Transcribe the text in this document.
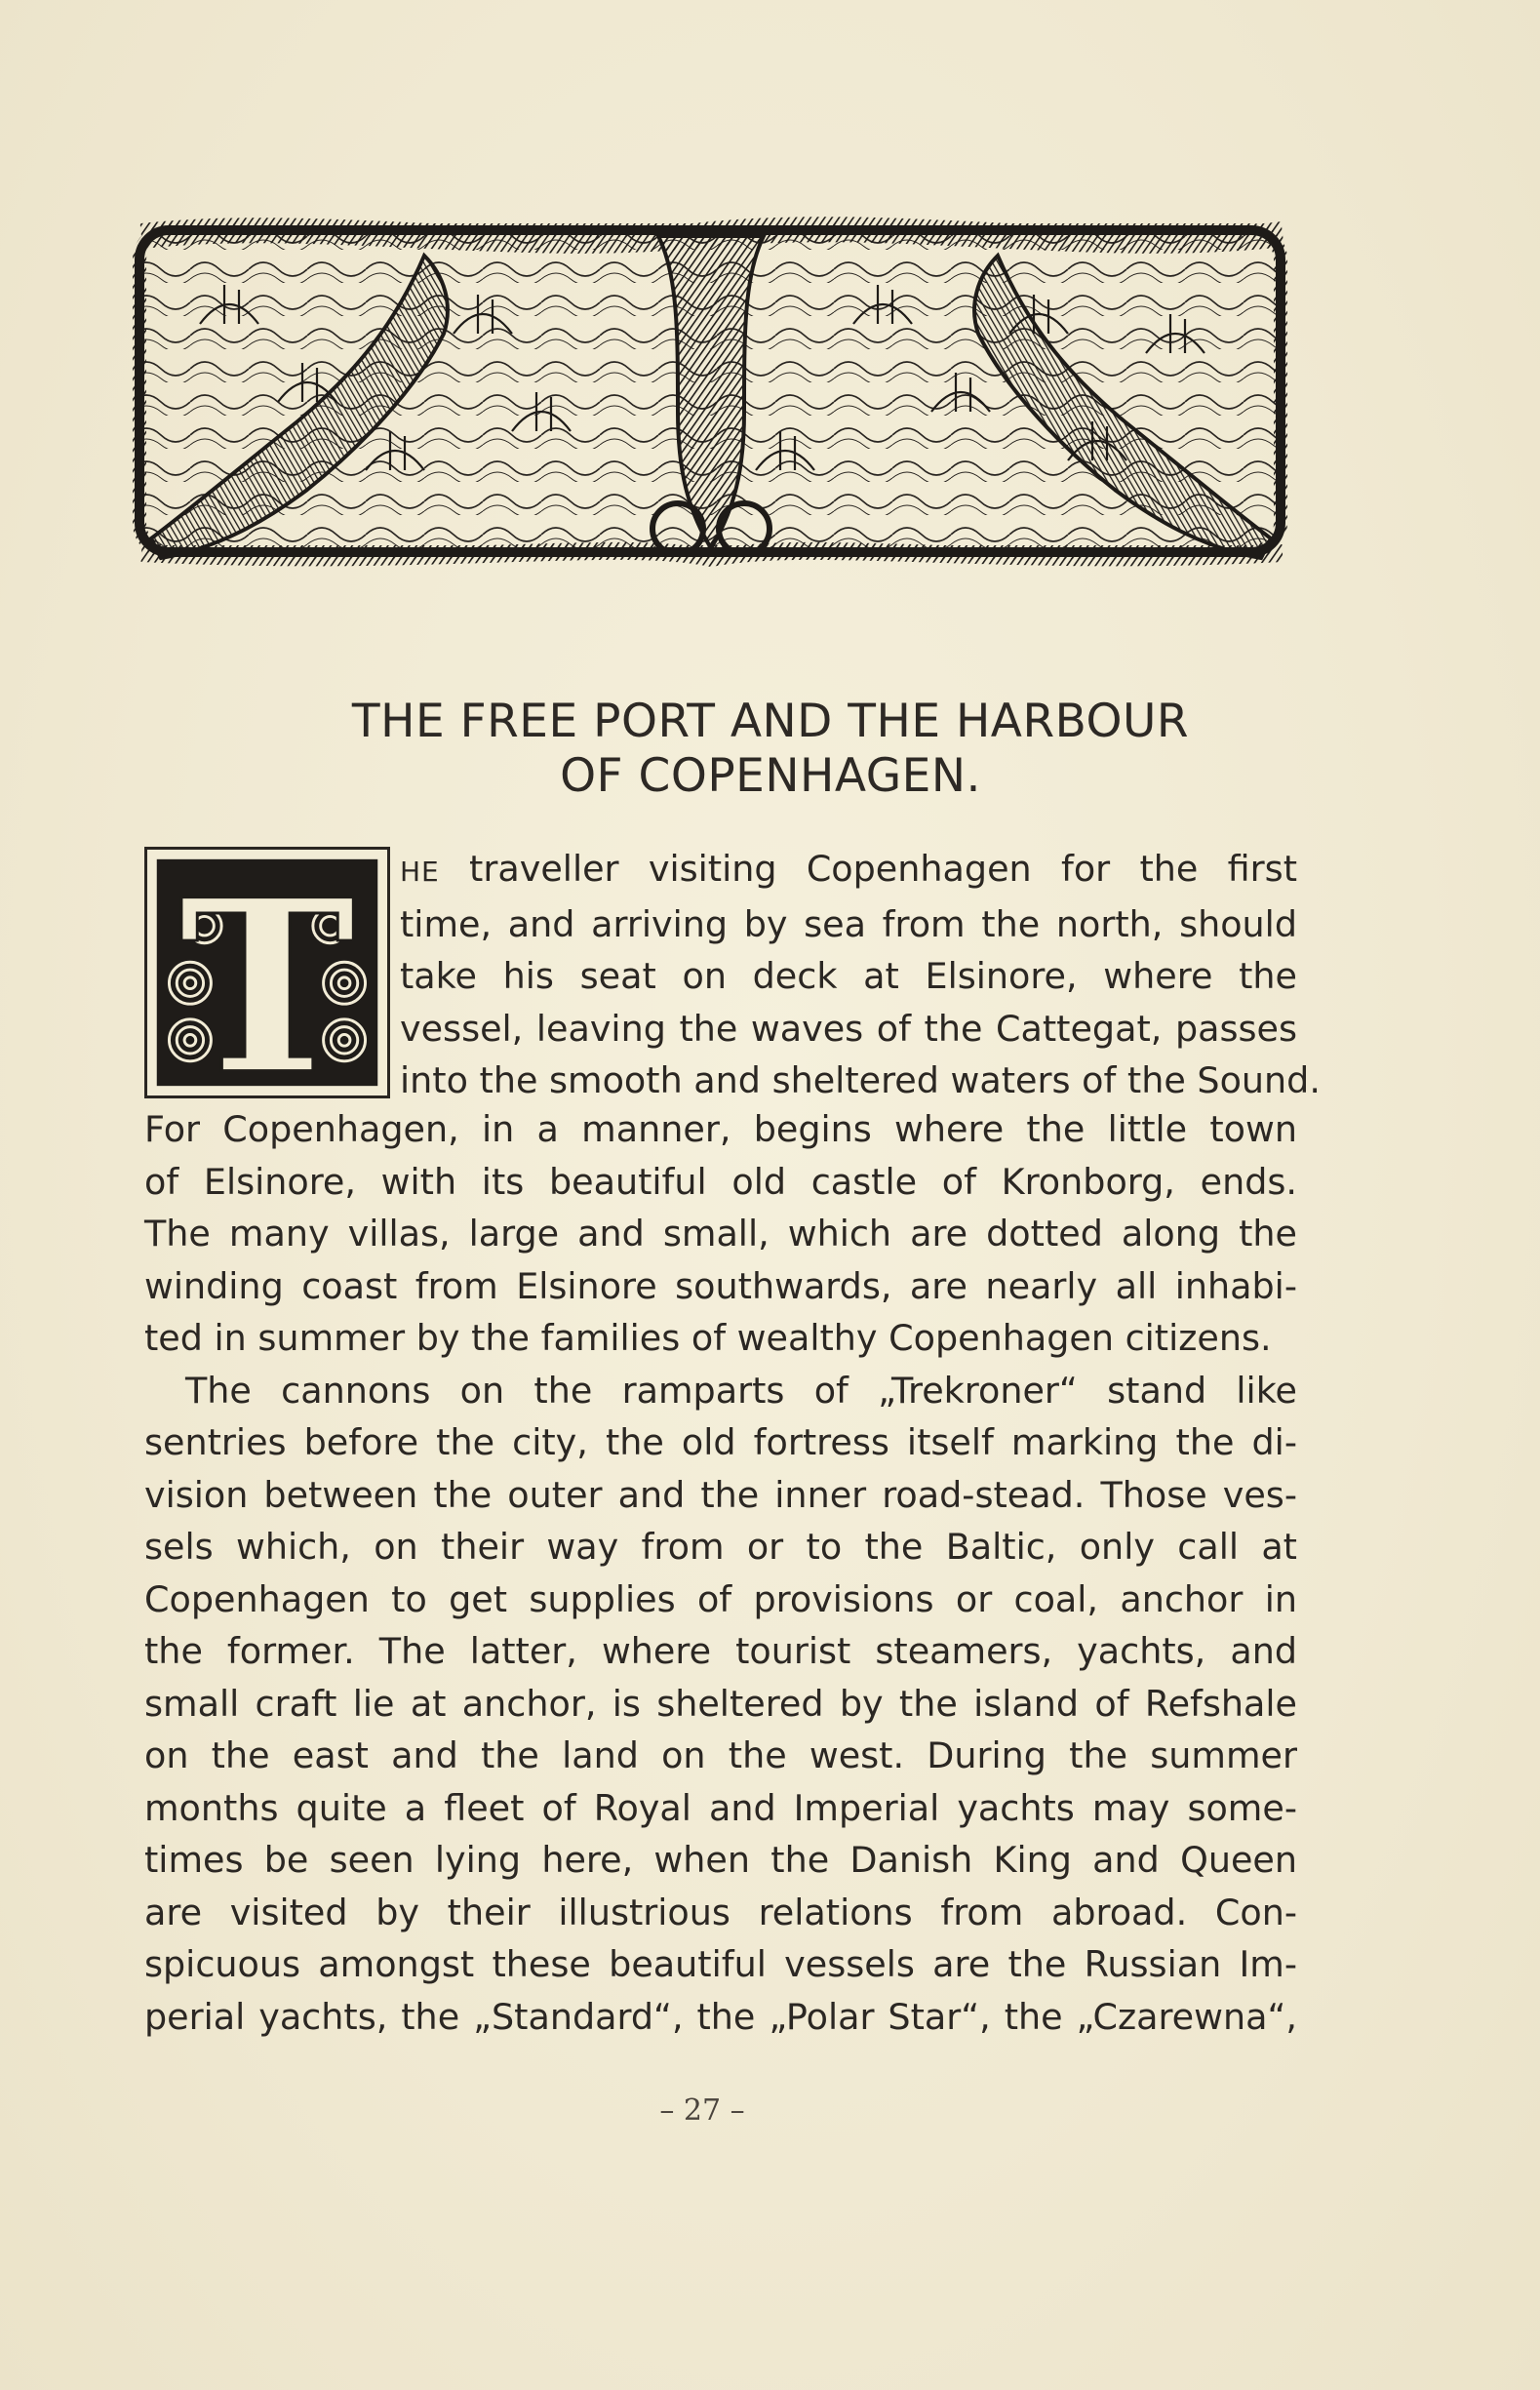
THE FREE PORT AND THE HARBOUR
OF COPENHAGEN.
T HE traveller visiting Copenhagen for the first
time, and arriving by sea from the north, should
take his seat on deck at Elsinore, where the
vessel, leaving the waves of the Cattegat, passes
into the smooth and sheltered waters of the Sound.
For Copenhagen, in a manner, begins where the little town
of Elsinore, with its beautiful old castle of Kronborg, ends.
The many villas, large and small, which are dotted along the
winding coast from Elsinore southwards, are nearly all inhabi-
ted in summer by the families of wealthy Copenhagen citizens.
The cannons on the ramparts of „Trekroner“ stand like
sentries before the city, the old fortress itself marking the di-
vision between the outer and the inner road-stead. Those ves-
sels which, on their way from or to the Baltic, only call at
Copenhagen to get supplies of provisions or coal, anchor in
the former. The latter, where tourist steamers, yachts, and
small craft lie at anchor, is sheltered by the island of Refshale
on the east and the land on the west. During the summer
months quite a fleet of Royal and Imperial yachts may some-
times be seen lying here, when the Danish King and Queen
are visited by their illustrious relations from abroad. Con-
spicuous amongst these beautiful vessels are the Russian Im-
perial yachts, the „Standard“, the „Polar Star“, the „Czarewna“,
– 27 –
